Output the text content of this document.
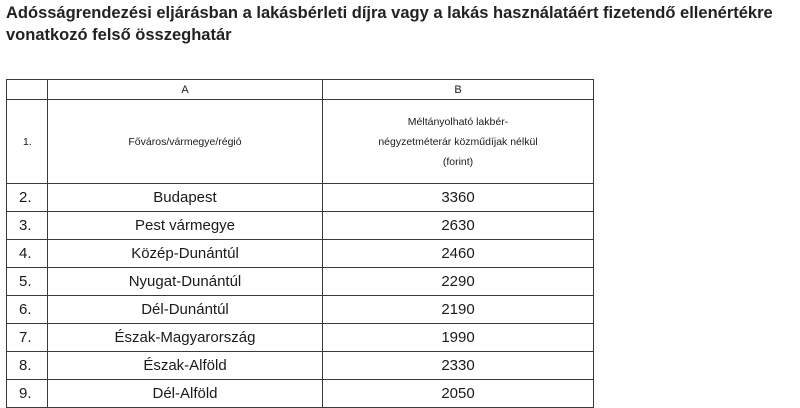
Adósságrendezési eljárásban a lakásbérleti díjra vagy a lakás használatáért fizetendő ellenértékre vonatkozó felső összeghatár
	A	B
1.	Főváros/vármegye/régió	Méltányolható lakbér-
négyzetméterár közműdíjak nélkül
(forint)
2.	Budapest	3360
3.	Pest vármegye	2630
4.	Közép-Dunántúl	2460
5.	Nyugat-Dunántúl	2290
6.	Dél-Dunántúl	2190
7.	Észak-Magyarország	1990
8.	Észak-Alföld	2330
9.	Dél-Alföld	2050
